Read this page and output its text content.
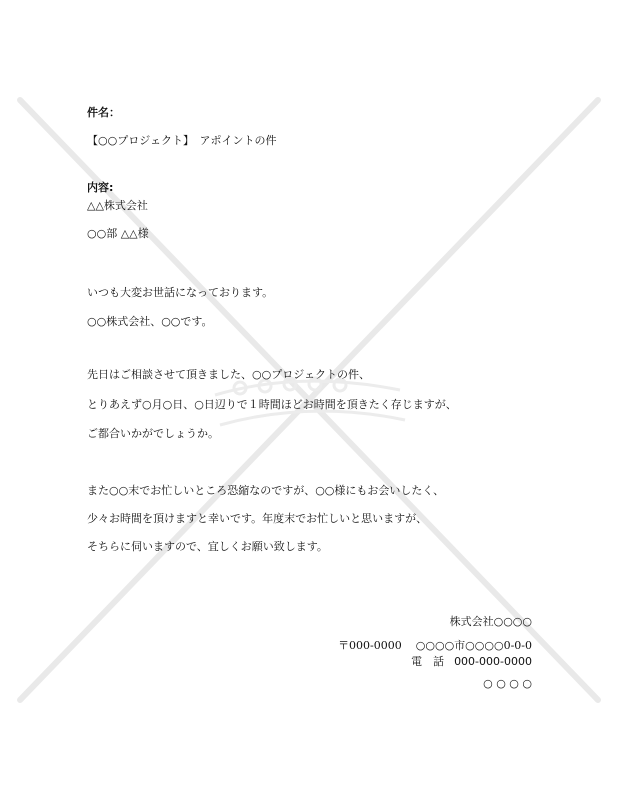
件名：
【○○プロジェクト】　アポイントの件
内容:
△△株式会社
○○部 △△様
いつも大変お世話になっております。
○○株式会社、○○です。
先日はご相談させて頂きました、○○プロジェクトの件、
とりあえず○月○日、○日辺りで１時間ほどお時間を頂きたく存じますが、
ご都合いかがでしょうか。
また○○末でお忙しいところ恐縮なのですが、○○様にもお会いしたく、
少々お時間を頂けますと幸いです。年度末でお忙しいと思いますが、
そちらに伺いますので、宜しくお願い致します。
株式会社○○○○
〒000-0000 ○○○○市○○○○0-0-0
電　話 000-000-0000
○ ○ ○ ○
